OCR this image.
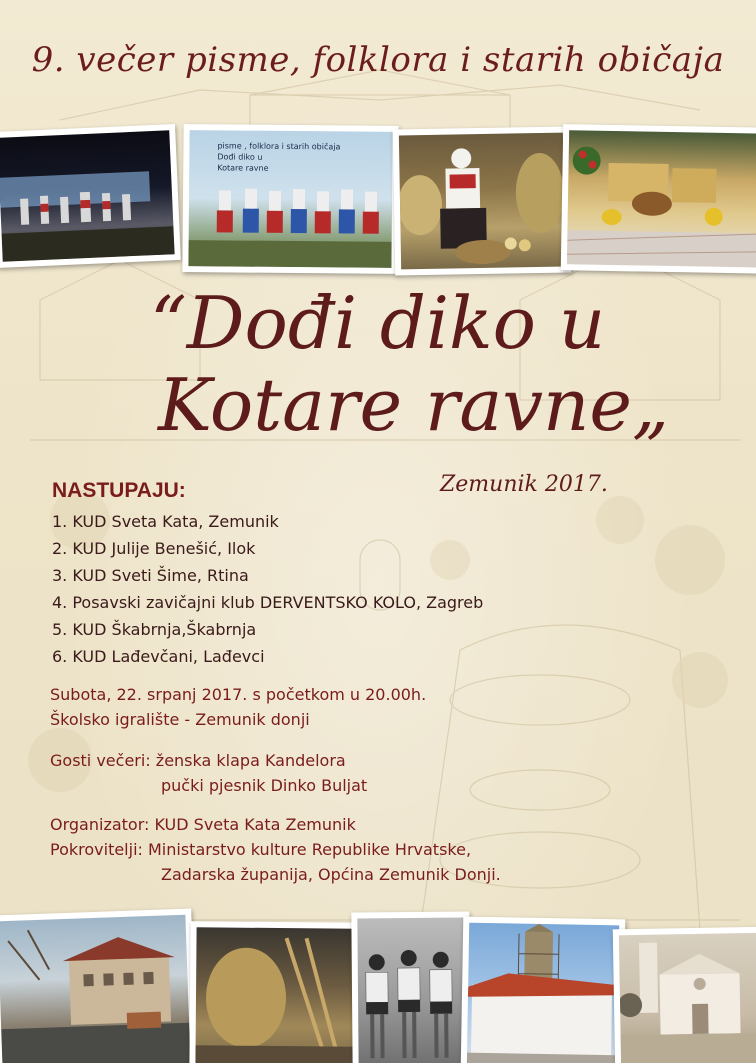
9. večer pisme, folklora i starih običaja
pisme , folklora i starih običaja
Dođi diko u
Kotare ravne
“Dođi diko u
Kotare ravne„
Zemunik 2017.
NASTUPAJU:
1. KUD Sveta Kata, Zemunik
2. KUD Julije Benešić, Ilok
3. KUD Sveti Šime, Rtina
4. Posavski zavičajni klub DERVENTSKO KOLO, Zagreb
5. KUD Škabrnja,Škabrnja
6. KUD Lađevčani, Lađevci
Subota, 22. srpanj 2017. s početkom u 20.00h.
Školsko igralište - Zemunik donji
Gosti večeri: ženska klapa Kandelora
pučki pjesnik Dinko Buljat
Organizator: KUD Sveta Kata Zemunik
Pokrovitelji: Ministarstvo kulture Republike Hrvatske,
Zadarska županija, Općina Zemunik Donji.
